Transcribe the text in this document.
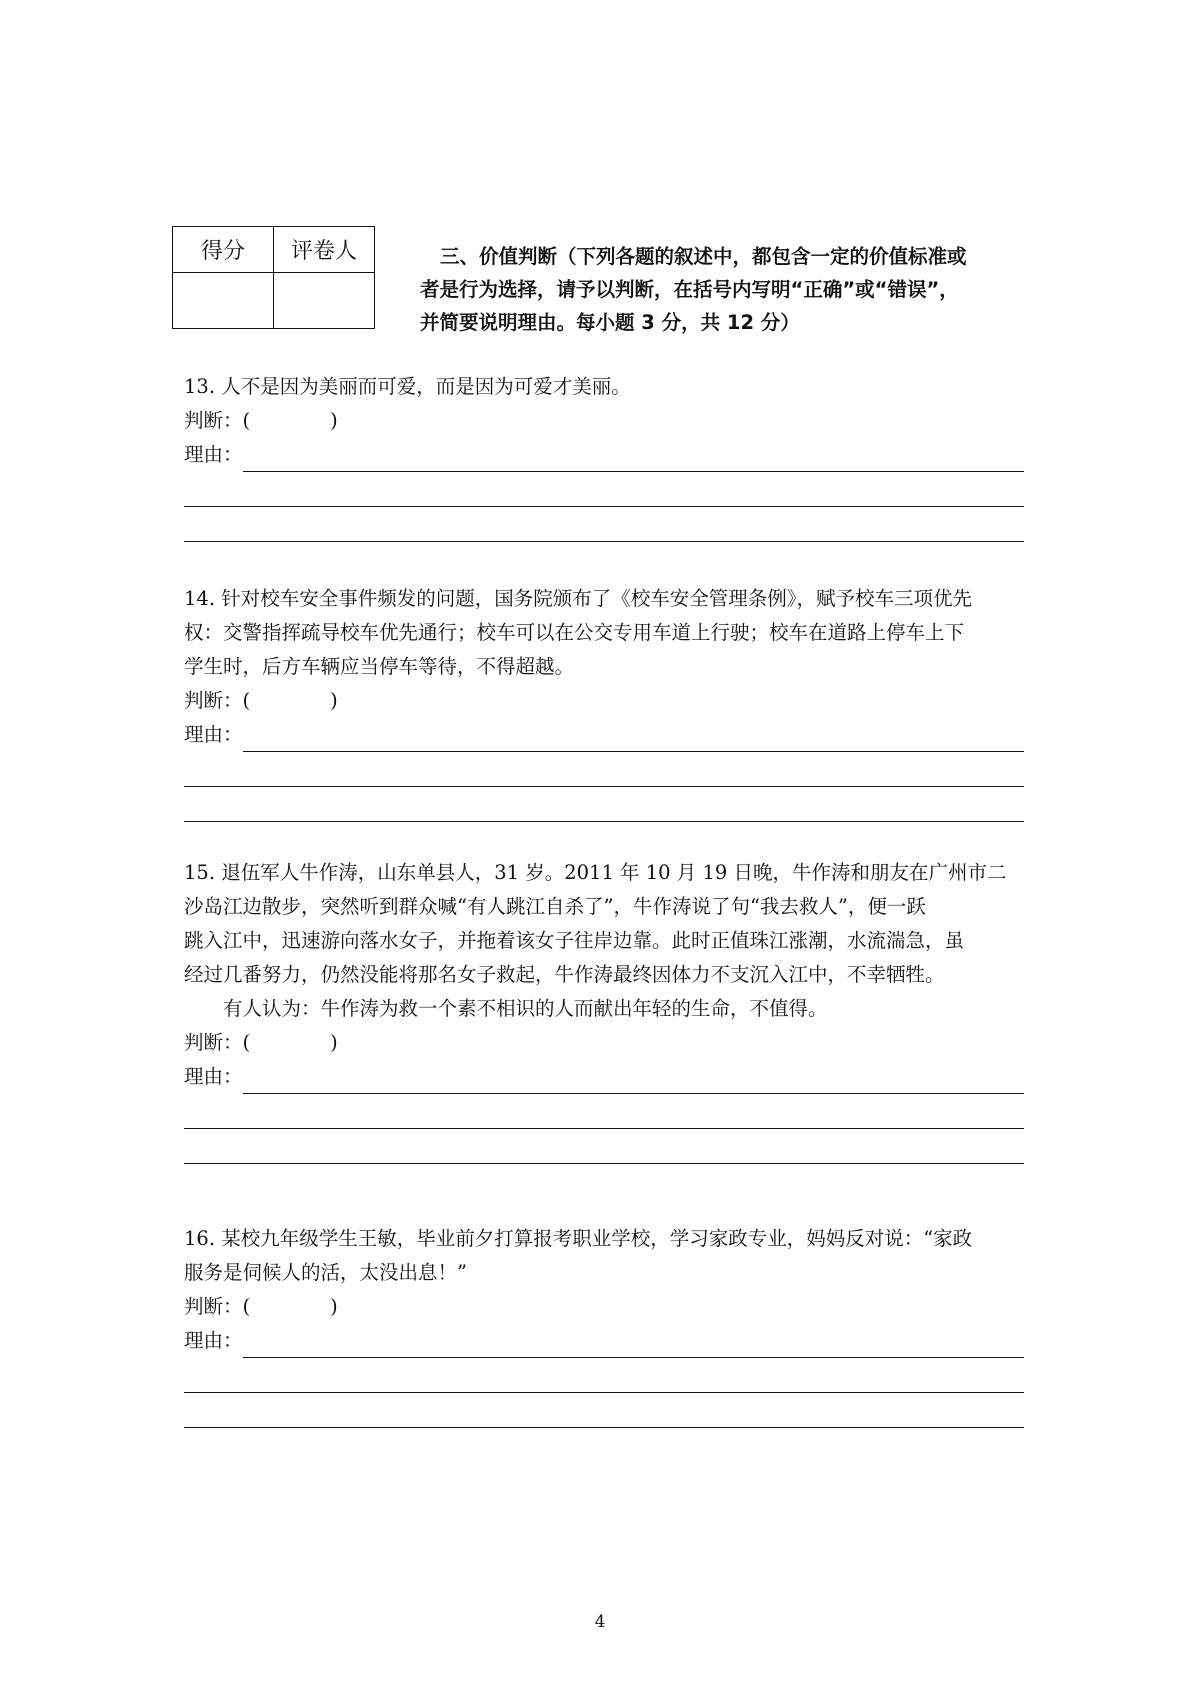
得分	评卷人
		三、价值判断（下列各题的叙述中，都包含一定的价值标准或
者是行为选择，请予以判断，在括号内写明“正确”或“错误”，
并简要说明理由。每小题 3 分，共 12 分）

13. 人不是因为美丽而可爱，而是因为可爱才美丽。

判断：(	)

理由：

14. 针对校车安全事件频发的问题，国务院颁布了《校车安全管理条例》，赋予校车三项优先

权：交警指挥疏导校车优先通行；校车可以在公交专用车道上行驶；校车在道路上停车上下

学生时，后方车辆应当停车等待，不得超越。

判断：(	)

理由：

15. 退伍军人牛作涛，山东单县人，31 岁。2011 年 10 月 19 日晚，牛作涛和朋友在广州市二

沙岛江边散步，突然听到群众喊“有人跳江自杀了”，牛作涛说了句“我去救人”，便一跃

跳入江中，迅速游向落水女子，并拖着该女子往岸边靠。此时正值珠江涨潮，水流湍急，虽

经过几番努力，仍然没能将那名女子救起，牛作涛最终因体力不支沉入江中，不幸牺牲。

有人认为：牛作涛为救一个素不相识的人而献出年轻的生命，不值得。

判断：(	)

理由：

16. 某校九年级学生王敏，毕业前夕打算报考职业学校，学习家政专业，妈妈反对说：“家政

服务是伺候人的活，太没出息！”

判断：(	)

理由：
4
